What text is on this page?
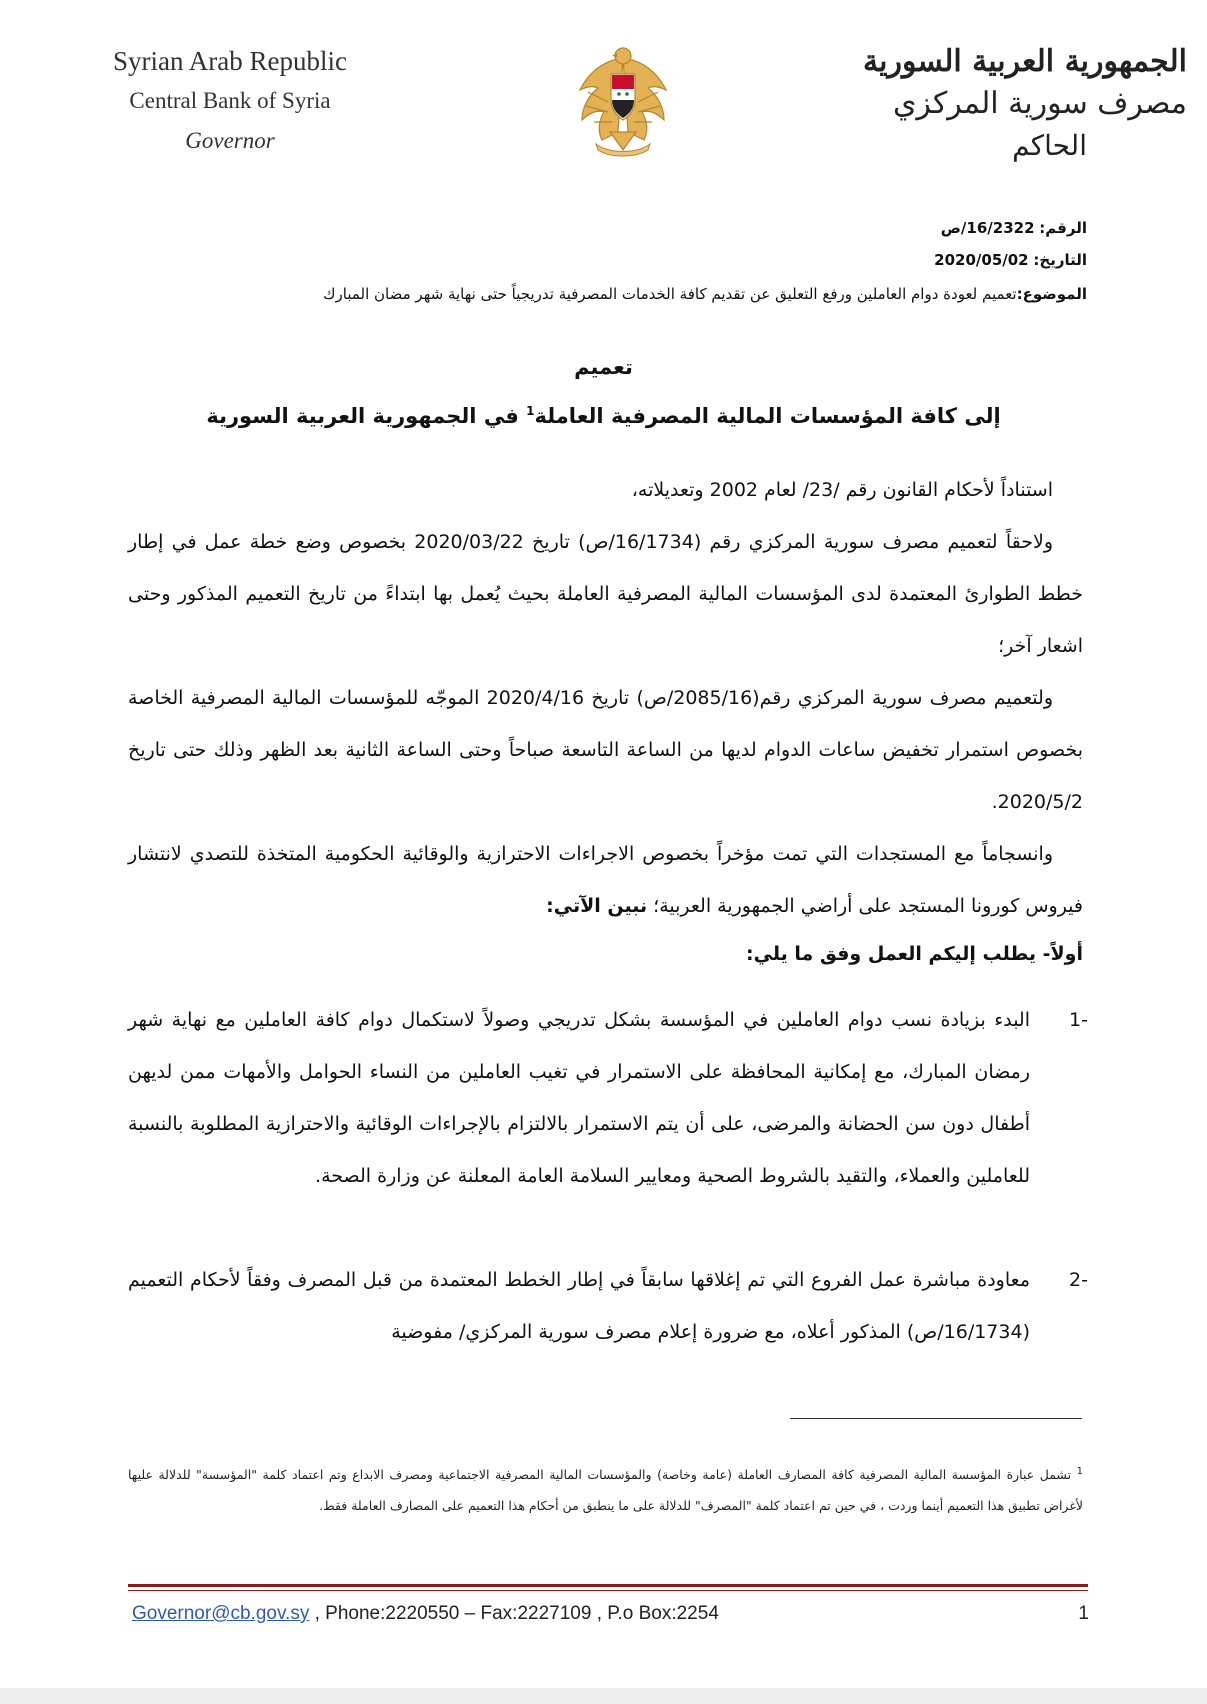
Syrian Arab Republic
Central Bank of Syria
Governor
الجمهورية العربية السورية
مصرف سورية المركزي
الحاكم
الرقم: 16/2322/ص
التاريخ: 2020/05/02
الموضوع:تعميم لعودة دوام العاملين ورفع التعليق عن تقديم كافة الخدمات المصرفية تدريجياً حتى نهاية شهر مضان المبارك
تعميم
إلى كافة المؤسسات المالية المصرفية العاملة$^1$ في الجمهورية العربية السورية

استناداً لأحكام القانون رقم /23/ لعام 2002 وتعديلاته،

ولاحقاً لتعميم مصرف سورية المركزي رقم (16/1734/ص) تاريخ 2020/03/22 بخصوص وضع خطة عمل في إطار خطط الطوارئ المعتمدة لدى المؤسسات المالية المصرفية العاملة بحيث يُعمل بها ابتداءً من تاريخ التعميم المذكور وحتى اشعار آخر؛

ولتعميم مصرف سورية المركزي رقم(2085/16/ص) تاريخ 2020/4/16 الموجّه للمؤسسات المالية المصرفية الخاصة بخصوص استمرار تخفيض ساعات الدوام لديها من الساعة التاسعة صباحاً وحتى الساعة الثانية بعد الظهر وذلك حتى تاريخ 2020/5/2.

وانسجاماً مع المستجدات التي تمت مؤخراً بخصوص الاجراءات الاحترازية والوقائية الحكومية المتخذة للتصدي لانتشار فيروس كورونا المستجد على أراضي الجمهورية العربية؛ نبين الآتي:

أولاً- يطلب إليكم العمل وفق ما يلي:

-1
البدء بزيادة نسب دوام العاملين في المؤسسة بشكل تدريجي وصولاً لاستكمال دوام كافة العاملين مع نهاية شهر رمضان المبارك، مع إمكانية المحافظة على الاستمرار في تغيب العاملين من النساء الحوامل والأمهات ممن لديهن أطفال دون سن الحضانة والمرضى، على أن يتم الاستمرار بالالتزام بالإجراءات الوقائية والاحترازية المطلوبة بالنسبة للعاملين والعملاء، والتقيد بالشروط الصحية ومعايير السلامة العامة المعلنة عن وزارة الصحة.
-2
معاودة مباشرة عمل الفروع التي تم إغلاقها سابقاً في إطار الخطط المعتمدة من قبل المصرف وفقاً لأحكام التعميم (16/1734/ص) المذكور أعلاه، مع ضرورة إعلام مصرف سورية المركزي/ مفوضية
$^1$ تشمل عبارة المؤسسة المالية المصرفية كافة المصارف العاملة (عامة وخاصة) والمؤسسات المالية المصرفية الاجتماعية ومصرف الابداع وتم اعتماد كلمة "المؤسسة" للدلالة عليها لأغراض تطبيق هذا التعميم أينما وردت ، في حين تم اعتماد كلمة "المصرف" للدلالة على ما ينطبق من أحكام هذا التعميم على المصارف العاملة فقط.
Governor@cb.gov.sy , Phone:2220550 – Fax:2227109 , P.o Box:2254	1
